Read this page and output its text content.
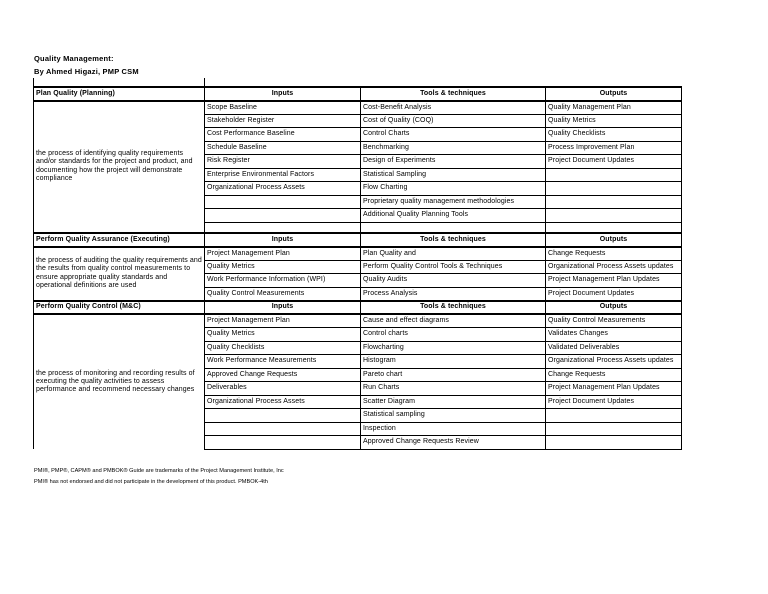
Quality Management:
By Ahmed Higazi, PMP CSM

Plan Quality (Planning)	Inputs	Tools & techniques	Outputs
the process of identifying quality requirements and/or standards for the project and product, and documenting how the project will demonstrate compliance	Scope Baseline	Cost-Benefit Analysis	Quality Management Plan
	Stakeholder Register	Cost of Quality (COQ)	Quality Metrics
	Cost Performance Baseline	Control Charts	Quality Checklists
	Schedule Baseline	Benchmarking	Process Improvement Plan
	Risk Register	Design of Experiments	Project Document Updates
	Enterprise Environmental Factors	Statistical Sampling	
	Organizational Process Assets	Flow Charting	
		Proprietary quality management methodologies	
		Additional Quality Planning Tools	

Perform Quality Assurance (Executing)	Inputs	Tools & techniques	Outputs
the process of auditing the quality requirements and the results from quality control measurements to ensure appropriate quality standards and operational definitions are used	Project Management Plan	Plan Quality and	Change Requests
	Quality Metrics	Perform Quality Control Tools & Techniques	Organizational Process Assets updates
	Work Performance Information (WPI)	Quality Audits	Project Management Plan Updates
	Quality Control Measurements	Process Analysis	Project Document Updates
Perform Quality Control (M&C)	Inputs	Tools & techniques	Outputs
the process of monitoring and recording results of executing the quality activities to assess performance and recommend necessary changes	Project Management Plan	Cause and effect diagrams	Quality Control Measurements
	Quality Metrics	Control charts	Validates Changes
	Quality Checklists	Flowcharting	Validated Deliverables
	Work Performance Measurements	Histogram	Organizational Process Assets updates
	Approved Change Requests	Pareto chart	Change Requests
	Deliverables	Run Charts	Project Management Plan Updates
	Organizational Process Assets	Scatter Diagram	Project Document Updates
		Statistical sampling	
		Inspection	
		Approved Change Requests Review	
PMI®, PMP®, CAPM® and PMBOK® Guide are trademarks of the Project Management Institute, Inc
PMI® has not endorsed and did not participate in the development of this product. PMBOK-4th
